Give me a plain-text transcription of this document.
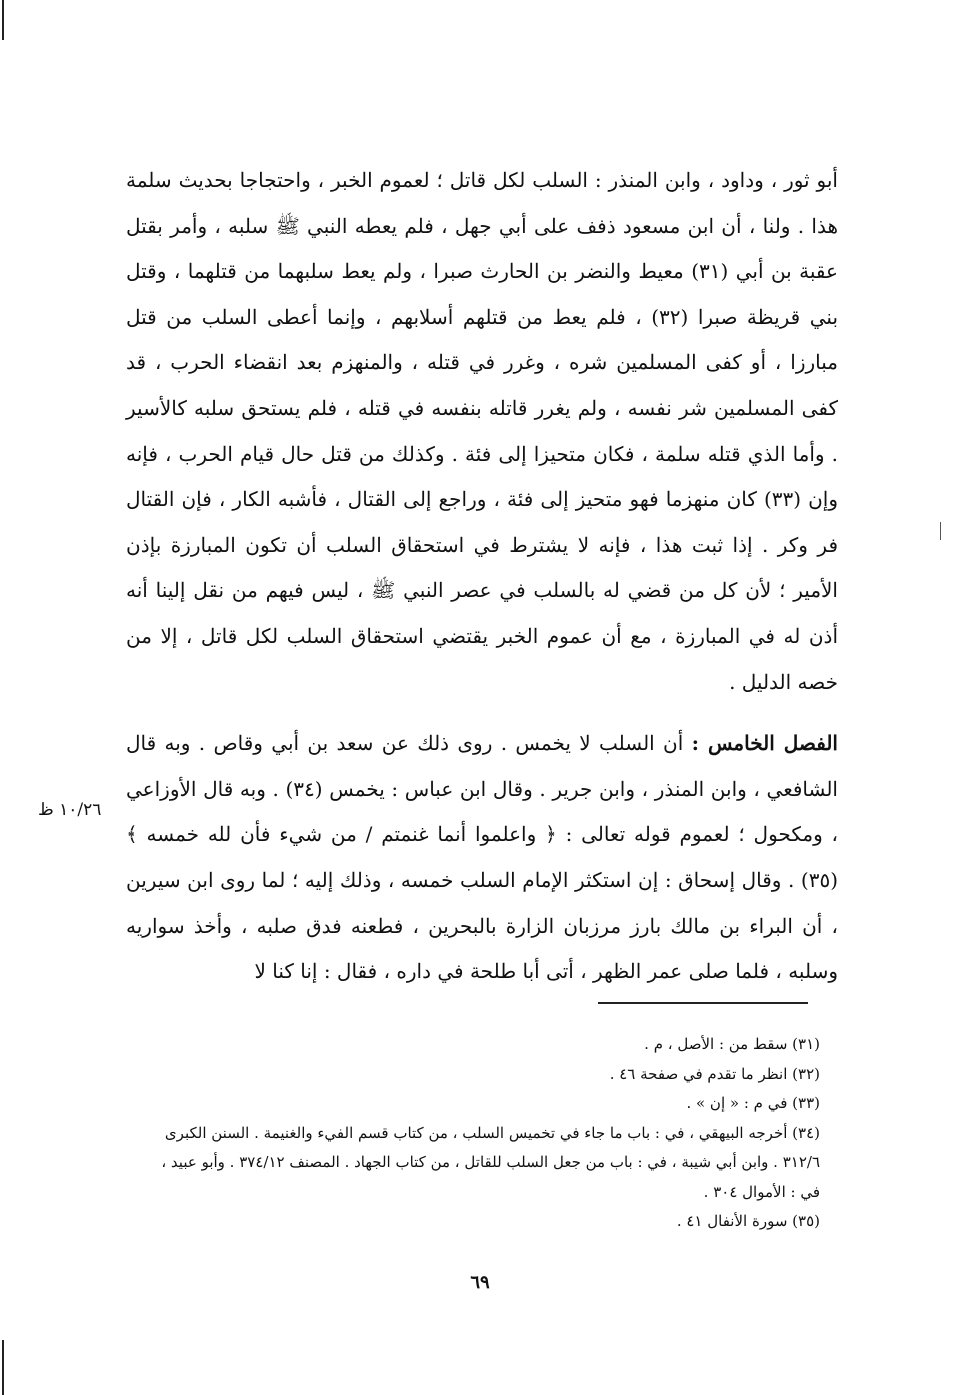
أبو ثور ، وداود ، وابن المنذر : السلب لكل قاتل ؛ لعموم الخبر ، واحتجاجا بحديث سلمة هذا . ولنا ، أن ابن مسعود ذفف على أبي جهل ، فلم يعطه النبي ﷺ سلبه ، وأمر بقتل عقبة بن أبي (٣١) معيط والنضر بن الحارث صبرا ، ولم يعط سلبهما من قتلهما ، وقتل بني قريظة صبرا (٣٢) ، فلم يعط من قتلهم أسلابهم ، وإنما أعطى السلب من قتل مبارزا ، أو كفى المسلمين شره ، وغرر في قتله ، والمنهزم بعد انقضاء الحرب ، قد كفى المسلمين شر نفسه ، ولم يغرر قاتله بنفسه في قتله ، فلم يستحق سلبه كالأسير . وأما الذي قتله سلمة ، فكان متحيزا إلى فئة . وكذلك من قتل حال قيام الحرب ، فإنه وإن (٣٣) كان منهزما فهو متحيز إلى فئة ، وراجع إلى القتال ، فأشبه الكار ، فإن القتال فر وكر . إذا ثبت هذا ، فإنه لا يشترط في استحقاق السلب أن تكون المبارزة بإذن الأمير ؛ لأن كل من قضي له بالسلب في عصر النبي ﷺ ، ليس فيهم من نقل إلينا أنه أذن له في المبارزة ، مع أن عموم الخبر يقتضي استحقاق السلب لكل قاتل ، إلا من خصه الدليل .

الفصل الخامس : أن السلب لا يخمس . روى ذلك عن سعد بن أبي وقاص . وبه قال الشافعي ، وابن المنذر ، وابن جرير . وقال ابن عباس : يخمس (٣٤) . وبه قال الأوزاعي ، ومكحول ؛ لعموم قوله تعالى : ﴿ واعلموا أنما غنمتم / من شيء فأن لله خمسه ﴾ (٣٥) . وقال إسحاق : إن استكثر الإمام السلب خمسه ، وذلك إليه ؛ لما روى ابن سيرين ، أن البراء بن مالك بارز مرزبان الزارة بالبحرين ، فطعنه فدق صلبه ، وأخذ سواريه وسلبه ، فلما صلى عمر الظهر ، أتى أبا طلحة في داره ، فقال : إنا كنا لا

١٠/٢٦ ظ

(٣١) سقط من : الأصل ، م .

(٣٢) انظر ما تقدم في صفحة ٤٦ .

(٣٣) في م : « إن » .

(٣٤) أخرجه البيهقي ، في : باب ما جاء في تخميس السلب ، من كتاب قسم الفيء والغنيمة . السنن الكبرى ٣١٢/٦ . وابن أبي شيبة ، في : باب من جعل السلب للقاتل ، من كتاب الجهاد . المصنف ٣٧٤/١٢ . وأبو عبيد ، في : الأموال ٣٠٤ .

(٣٥) سورة الأنفال ٤١ .

٦٩
